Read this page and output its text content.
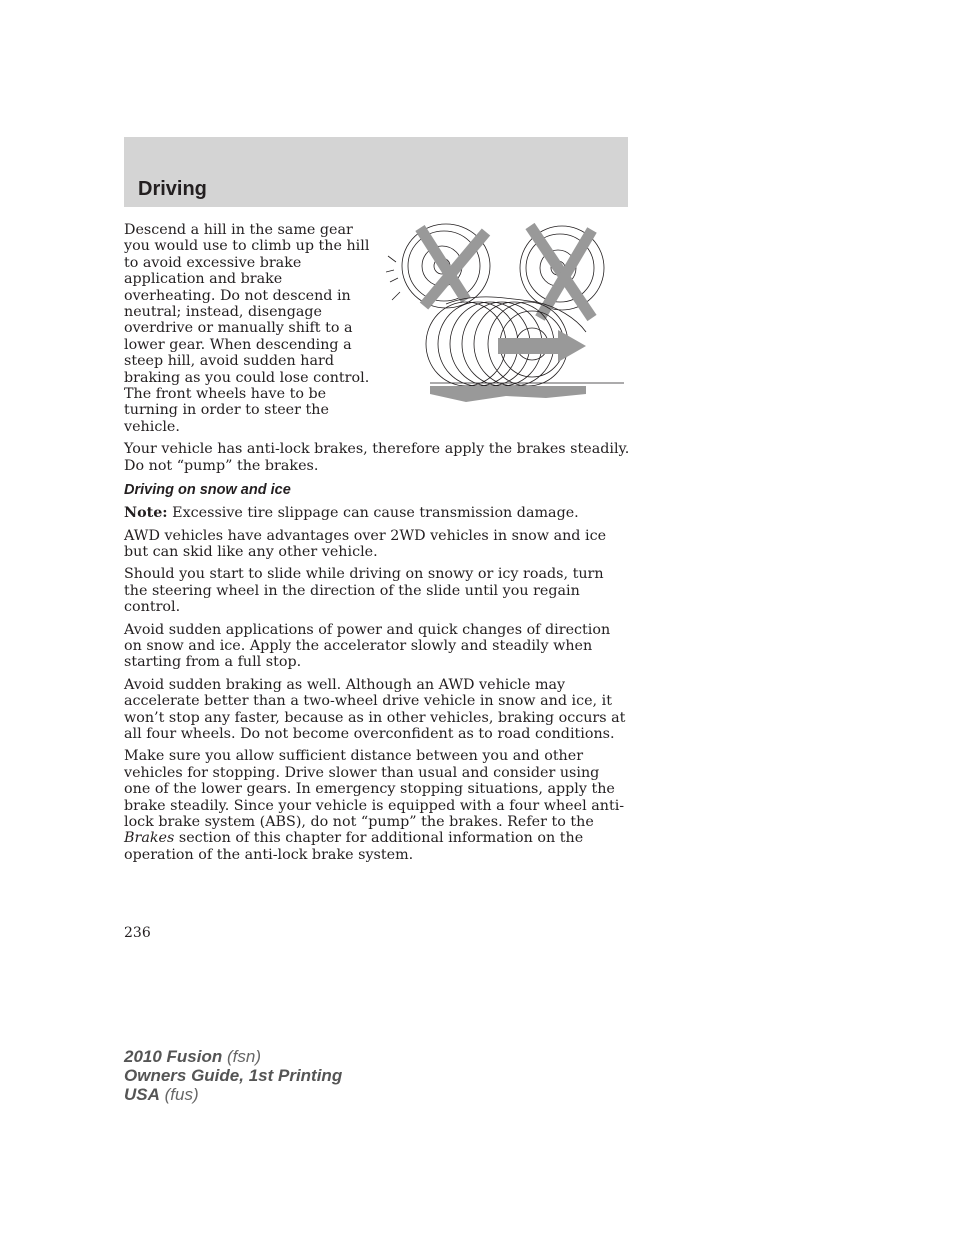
Driving

Descend a hill in the same gear you would use to climb up the hill to avoid excessive brake application and brake overheating. Do not descend in neutral; instead, disengage overdrive or manually shift to a lower gear. When descending a steep hill, avoid sudden hard braking as you could lose control. The front wheels have to be turning in order to steer the vehicle.

Your vehicle has anti-lock brakes, therefore apply the brakes steadily. Do not “pump” the brakes.

Driving on snow and ice

Note: Excessive tire slippage can cause transmission damage.

AWD vehicles have advantages over 2WD vehicles in snow and ice but can skid like any other vehicle.

Should you start to slide while driving on snowy or icy roads, turn the steering wheel in the direction of the slide until you regain control.

Avoid sudden applications of power and quick changes of direction on snow and ice. Apply the accelerator slowly and steadily when starting from a full stop.

Avoid sudden braking as well. Although an AWD vehicle may accelerate better than a two-wheel drive vehicle in snow and ice, it won’t stop any faster, because as in other vehicles, braking occurs at all four wheels. Do not become overconfident as to road conditions.

Make sure you allow sufficient distance between you and other vehicles for stopping. Drive slower than usual and consider using one of the lower gears. In emergency stopping situations, apply the brake steadily. Since your vehicle is equipped with a four wheel anti-lock brake system (ABS), do not “pump” the brakes. Refer to the Brakes section of this chapter for additional information on the operation of the anti-lock brake system.

236

2010 Fusion (fsn)
Owners Guide, 1st Printing
USA (fus)
